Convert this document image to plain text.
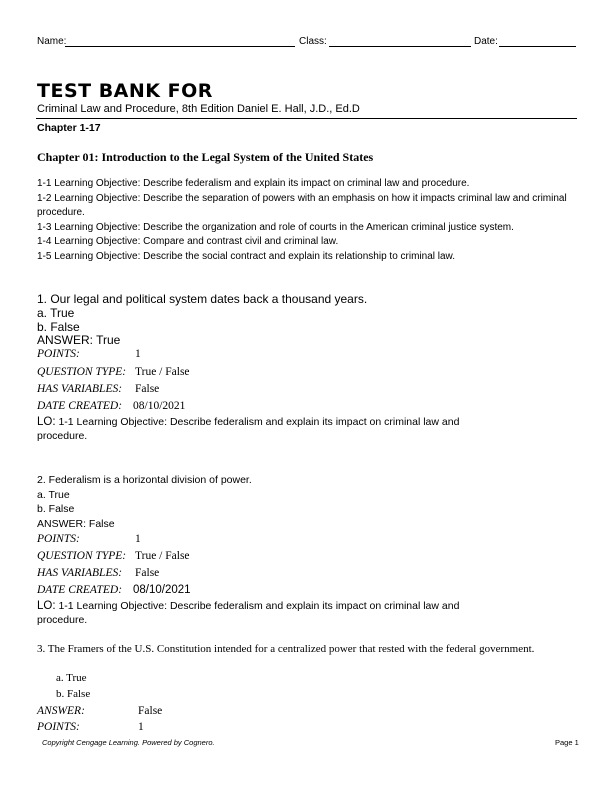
Name:	Class:	Date:
TEST BANK FOR
Criminal Law and Procedure, 8th Edition Daniel E. Hall, J.D., Ed.D
Chapter 1-17
Chapter 01: Introduction to the Legal System of the United States
1-1 Learning Objective: Describe federalism and explain its impact on criminal law and procedure.
1-2 Learning Objective: Describe the separation of powers with an emphasis on how it impacts criminal law and criminal procedure.
1-3 Learning Objective: Describe the organization and role of courts in the American criminal justice system.
1-4 Learning Objective: Compare and contrast civil and criminal law.
1-5 Learning Objective: Describe the social contract and explain its relationship to criminal law.
1. Our legal and political system dates back a thousand years.
a. True
b. False
ANSWER: True
POINTS:	1
QUESTION TYPE: True / False
HAS VARIABLES: False
DATE CREATED: 08/10/2021
LO: 1-1 Learning Objective: Describe federalism and explain its impact on criminal law and procedure.
2. Federalism is a horizontal division of power.
a. True
b. False
ANSWER: False
POINTS:	1
QUESTION TYPE: True / False
HAS VARIABLES: False
DATE CREATED: 08/10/2021
LO: 1-1 Learning Objective: Describe federalism and explain its impact on criminal law and procedure.
3. The Framers of the U.S. Constitution intended for a centralized power that rested with the federal government.
a. True
b. False
ANSWER:	False
POINTS:	1
Copyright Cengage Learning. Powered by Cognero.	Page 1
